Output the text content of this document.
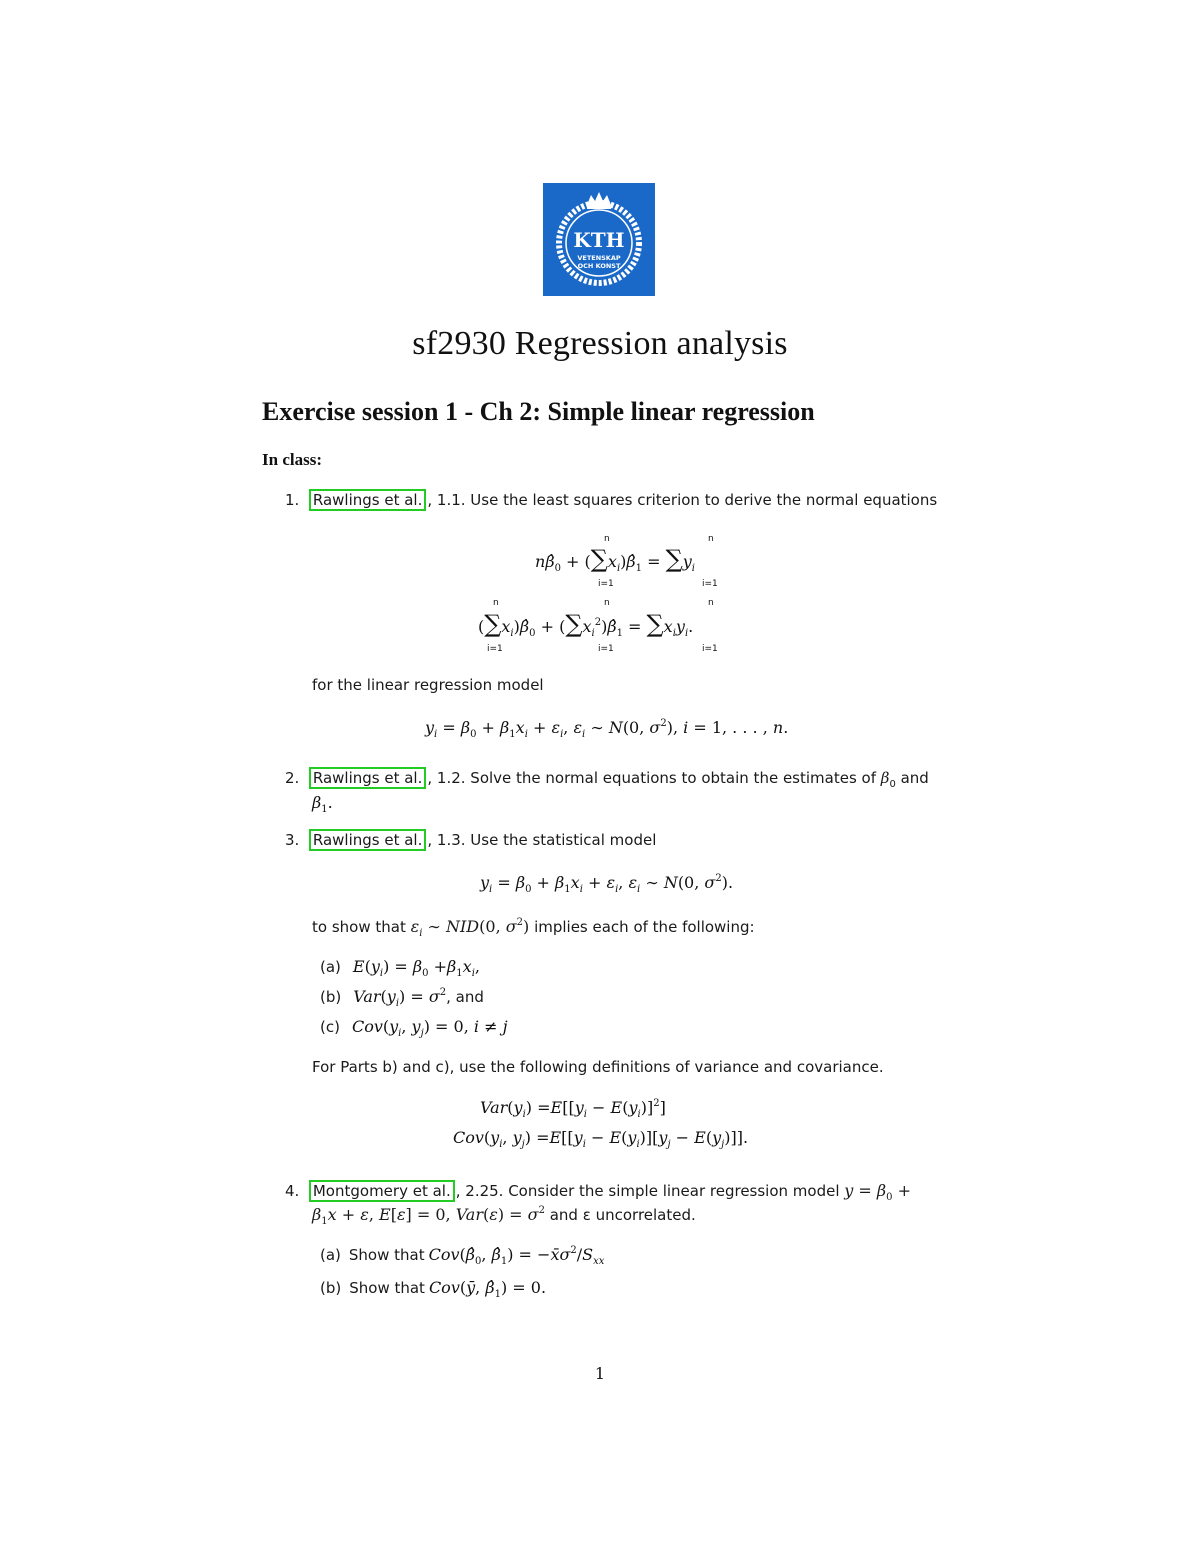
KTH
VETENSKAP
OCH KONST
sf2930 Regression analysis
Exercise session 1 - Ch 2: Simple linear regression
In class:
1. Rawlings et al. , 1.1. Use the least squares criterion to derive the normal equations
$n\betâ_0$ + $(\sum x_i)\betâ_1 = \sum y_i$
n
i=1
n
i=1
$(\sum x_i)\betâ_0$ + $(\sum x_i^2)\betâ_1 = \sum x_iy_i$.
n
i=1
n
i=1
n
i=1
for the linear regression model
$y_i = \beta_0 + \beta_1x_i + \varepsilon_i$, $\varepsilon_i$ ∼ N(0, $\sigma^2$), i = 1, . . . , n.
2. Rawlings et al. , 1.2. Solve the normal equations to obtain the estimates of $\beta_0$ and
$\beta_1$.
3. Rawlings et al. , 1.3. Use the statistical model
$y_i = \beta_0 + \beta_1x_i + \varepsilon_i$, $\varepsilon_i$ ∼ N(0, $\sigma^2$).
to show that $\varepsilon_i$ ∼ NID(0, $\sigma^2$) implies each of the following:
(a) $E(y_i) = \beta_0 +\beta_1x_i$,
(b) $Var(y_i) = \sigma^2$, and
(c) $Cov(y_i$, $y_j) = 0$, i ≠ j
For Parts b) and c), use the following definitions of variance and covariance.
$Var(y_i) =E[[y_i - E(y_i)]^2]$
$Cov(y_i$, $y_j) =E[[y_i - E(y_i)][y_j - E(y_j)]]$.
4. Montgomery et al. , 2.25. Consider the simple linear regression model $y = \beta_0$ +
$\beta_1x + \varepsilon$, E[ε] = 0, $Var(\varepsilon) = \sigma^2$ and ε uncorrelated.
(a) Show that $Cov(\betâ_0$, $\betâ_1$) = $-x̄\sigma^2/S_{xx}$
(b) Show that Cov(ȳ, $\betâ_1) = 0$.
1
